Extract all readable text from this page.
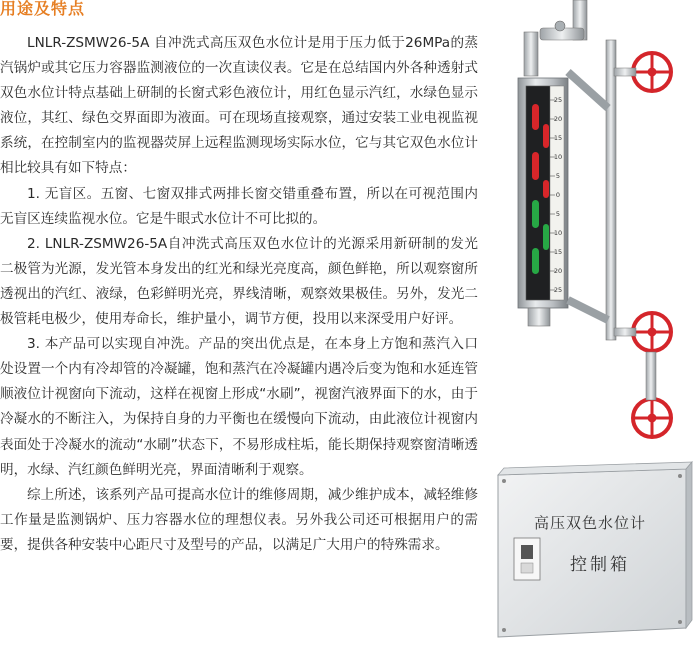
用途及特点

LNLR-ZSMW26-5A 自冲洗式高压双色水位计是用于压力低于26MPa的蒸汽锅炉或其它压力容器监测液位的一次直读仪表。它是在总结国内外各种透射式双色水位计特点基础上研制的长窗式彩色液位计，用红色显示汽红，水绿色显示液位，其红、绿色交界面即为液面。可在现场直接观察，通过安装工业电视监视系统，在控制室内的监视器荧屏上远程监测现场实际水位，它与其它双色水位计相比较具有如下特点：

1. 无盲区。五窗、七窗双排式两排长窗交错重叠布置，所以在可视范围内无盲区连续监视水位。它是牛眼式水位计不可比拟的。

2. LNLR-ZSMW26-5A自冲洗式高压双色水位计的光源采用新研制的发光二极管为光源，发光管本身发出的红光和绿光亮度高，颜色鲜艳，所以观察窗所透视出的汽红、液绿，色彩鲜明光亮，界线清晰，观察效果极佳。另外，发光二极管耗电极少，使用寿命长，维护量小，调节方便，投用以来深受用户好评。

3. 本产品可以实现自冲洗。产品的突出优点是，在本身上方饱和蒸汽入口处设置一个内有冷却管的冷凝罐，饱和蒸汽在冷凝罐内遇冷后变为饱和水延连管顺液位计视窗向下流动，这样在视窗上形成“水刷”，视窗汽液界面下的水，由于冷凝水的不断注入，为保持自身的力平衡也在缓慢向下流动，由此液位计视窗内表面处于冷凝水的流动“水刷”状态下，不易形成柱垢，能长期保持观察窗清晰透明，水绿、汽红颜色鲜明光亮，界面清晰利于观察。

综上所述，该系列产品可提高水位计的维修周期，减少维护成本，减轻维修工作量是监测锅炉、压力容器水位的理想仪表。另外我公司还可根据用户的需要，提供各种安装中心距尺寸及型号的产品，以满足广大用户的特殊需求。

25
20
15
10
5
0
5
10
15
20
25
高压双色水位计
控制箱
